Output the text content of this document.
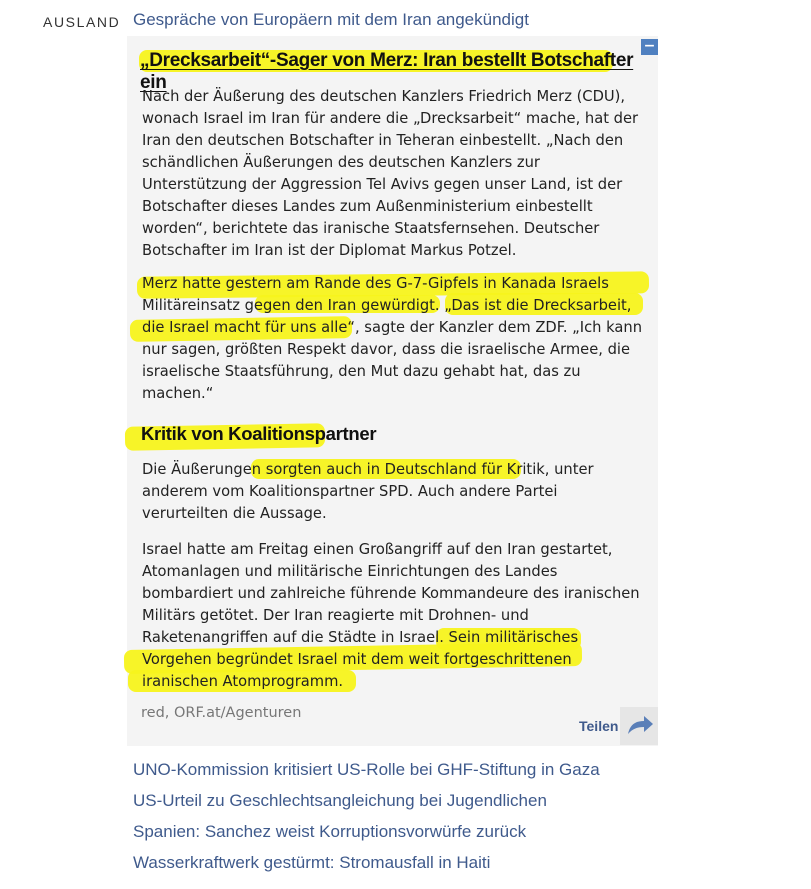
AUSLAND Gespräche von Europäern mit dem Iran angekündigt
−
„Drecksarbeit“-Sager von Merz: Iran bestellt Botschafter ein
Nach der Äußerung des deutschen Kanzlers Friedrich Merz (CDU), wonach Israel im Iran für andere die „Drecksarbeit“ mache, hat der Iran den deutschen Botschafter in Teheran einbestellt. „Nach den schändlichen Äußerungen des deutschen Kanzlers zur Unterstützung der Aggression Tel Avivs gegen unser Land, ist der Botschafter dieses Landes zum Außenministerium einbestellt worden“, berichtete das iranische Staatsfernsehen. Deutscher Botschafter im Iran ist der Diplomat Markus Potzel.
Merz hatte gestern am Rande des G-7-Gipfels in Kanada Israels Militäreinsatz gegen den Iran gewürdigt. „Das ist die Drecksarbeit, die Israel macht für uns alle“, sagte der Kanzler dem ZDF. „Ich kann nur sagen, größten Respekt davor, dass die israelische Armee, die israelische Staatsführung, den Mut dazu gehabt hat, das zu machen.“
Kritik von Koalitionspartner
Die Äußerungen sorgten auch in Deutschland für Kritik, unter anderem vom Koalitionspartner SPD. Auch andere Partei verurteilten die Aussage.
Israel hatte am Freitag einen Großangriff auf den Iran gestartet, Atomanlagen und militärische Einrichtungen des Landes bombardiert und zahlreiche führende Kommandeure des iranischen Militärs getötet. Der Iran reagierte mit Drohnen- und Raketenangriffen auf die Städte in Israel. Sein militärisches Vorgehen begründet Israel mit dem weit fortgeschrittenen iranischen Atomprogramm.
red, ORF.at/Agenturen
Teilen
UNO-Kommission kritisiert US-Rolle bei GHF-Stiftung in Gaza
US-Urteil zu Geschlechtsangleichung bei Jugendlichen
Spanien: Sanchez weist Korruptionsvorwürfe zurück
Wasserkraftwerk gestürmt: Stromausfall in Haiti
